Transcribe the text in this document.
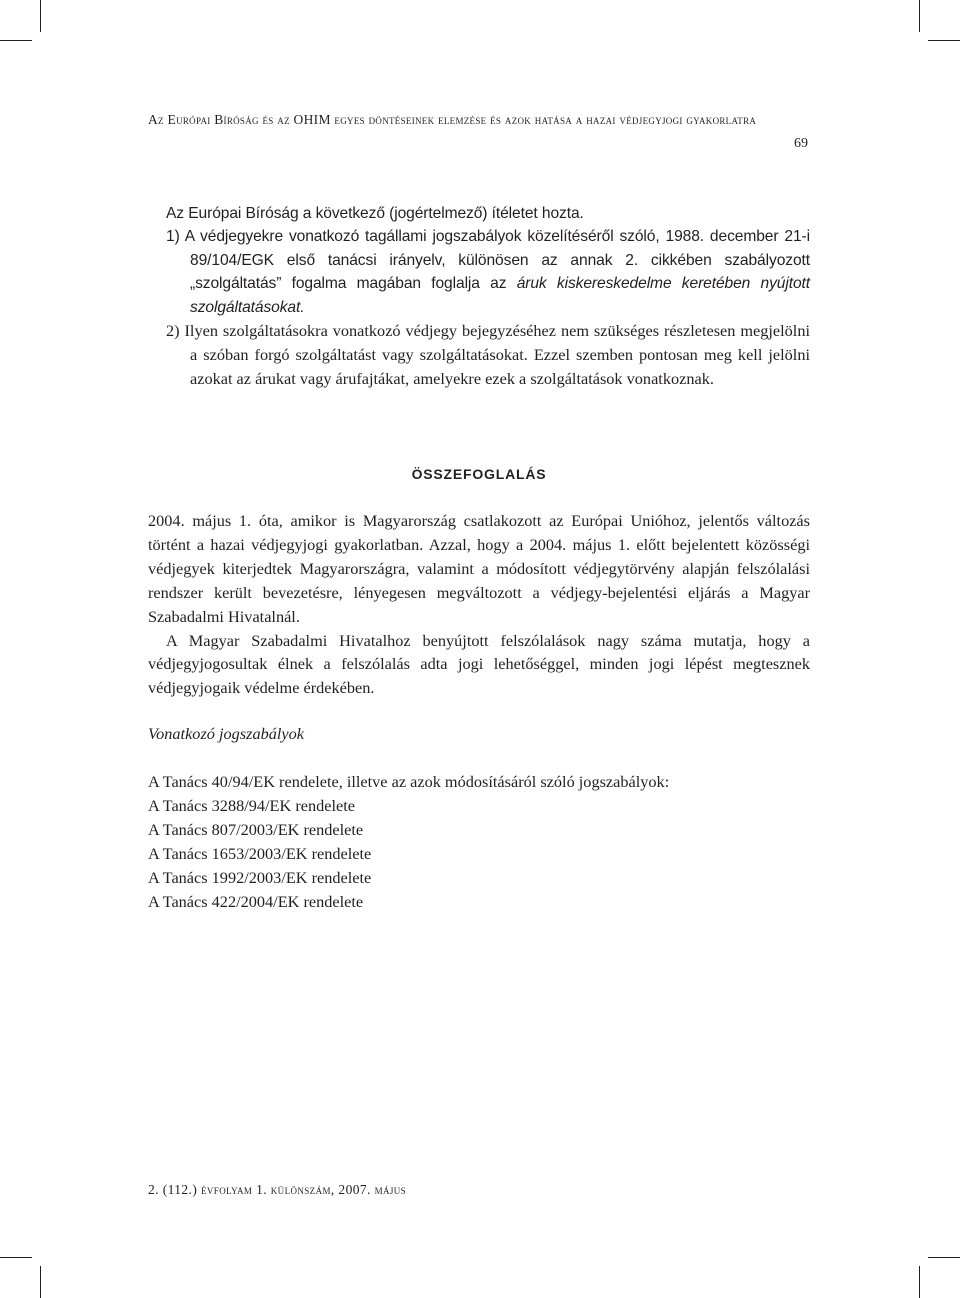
Az Európai Bíróság és az OHIM egyes döntéseinek elemzése és azok hatása a hazai védjegyjogi gyakorlatra
69

Az Európai Bíróság a következő (jogértelmező) ítéletet hozta.

1) A védjegyekre vonatkozó tagállami jogszabályok közelítéséről szóló, 1988. december 21-i 89/104/EGK első tanácsi irányelv, különösen az annak 2. cikkében szabályozott „szolgáltatás” fogalma magában foglalja az áruk kiskereskedelme keretében nyújtott szolgáltatásokat.

2) Ilyen szolgáltatásokra vonatkozó védjegy bejegyzéséhez nem szükséges részletesen megjelölni a szóban forgó szolgáltatást vagy szolgáltatásokat. Ezzel szemben pontosan meg kell jelölni azokat az árukat vagy árufajtákat, amelyekre ezek a szolgáltatások vonatkoznak.
ÖSSZEFOGLALÁS

2004. május 1. óta, amikor is Magyarország csatlakozott az Európai Unióhoz, jelentős változás történt a hazai védjegyjogi gyakorlatban. Azzal, hogy a 2004. május 1. előtt bejelentett közösségi védjegyek kiterjedtek Magyarországra, valamint a módosított védjegytörvény alapján felszólalási rendszer került bevezetésre, lényegesen megváltozott a védjegy-bejelentési eljárás a Magyar Szabadalmi Hivatalnál.

A Magyar Szabadalmi Hivatalhoz benyújtott felszólalások nagy száma mutatja, hogy a védjegyjogosultak élnek a felszólalás adta jogi lehetőséggel, minden jogi lépést megtesznek védjegyjogaik védelme érdekében.

Vonatkozó jogszabályok
A Tanács 40/94/EK rendelete, illetve az azok módosításáról szóló jogszabályok:
A Tanács 3288/94/EK rendelete
A Tanács 807/2003/EK rendelete
A Tanács 1653/2003/EK rendelete
A Tanács 1992/2003/EK rendelete
A Tanács 422/2004/EK rendelete
2. (112.) évfolyam 1. különszám, 2007. május
